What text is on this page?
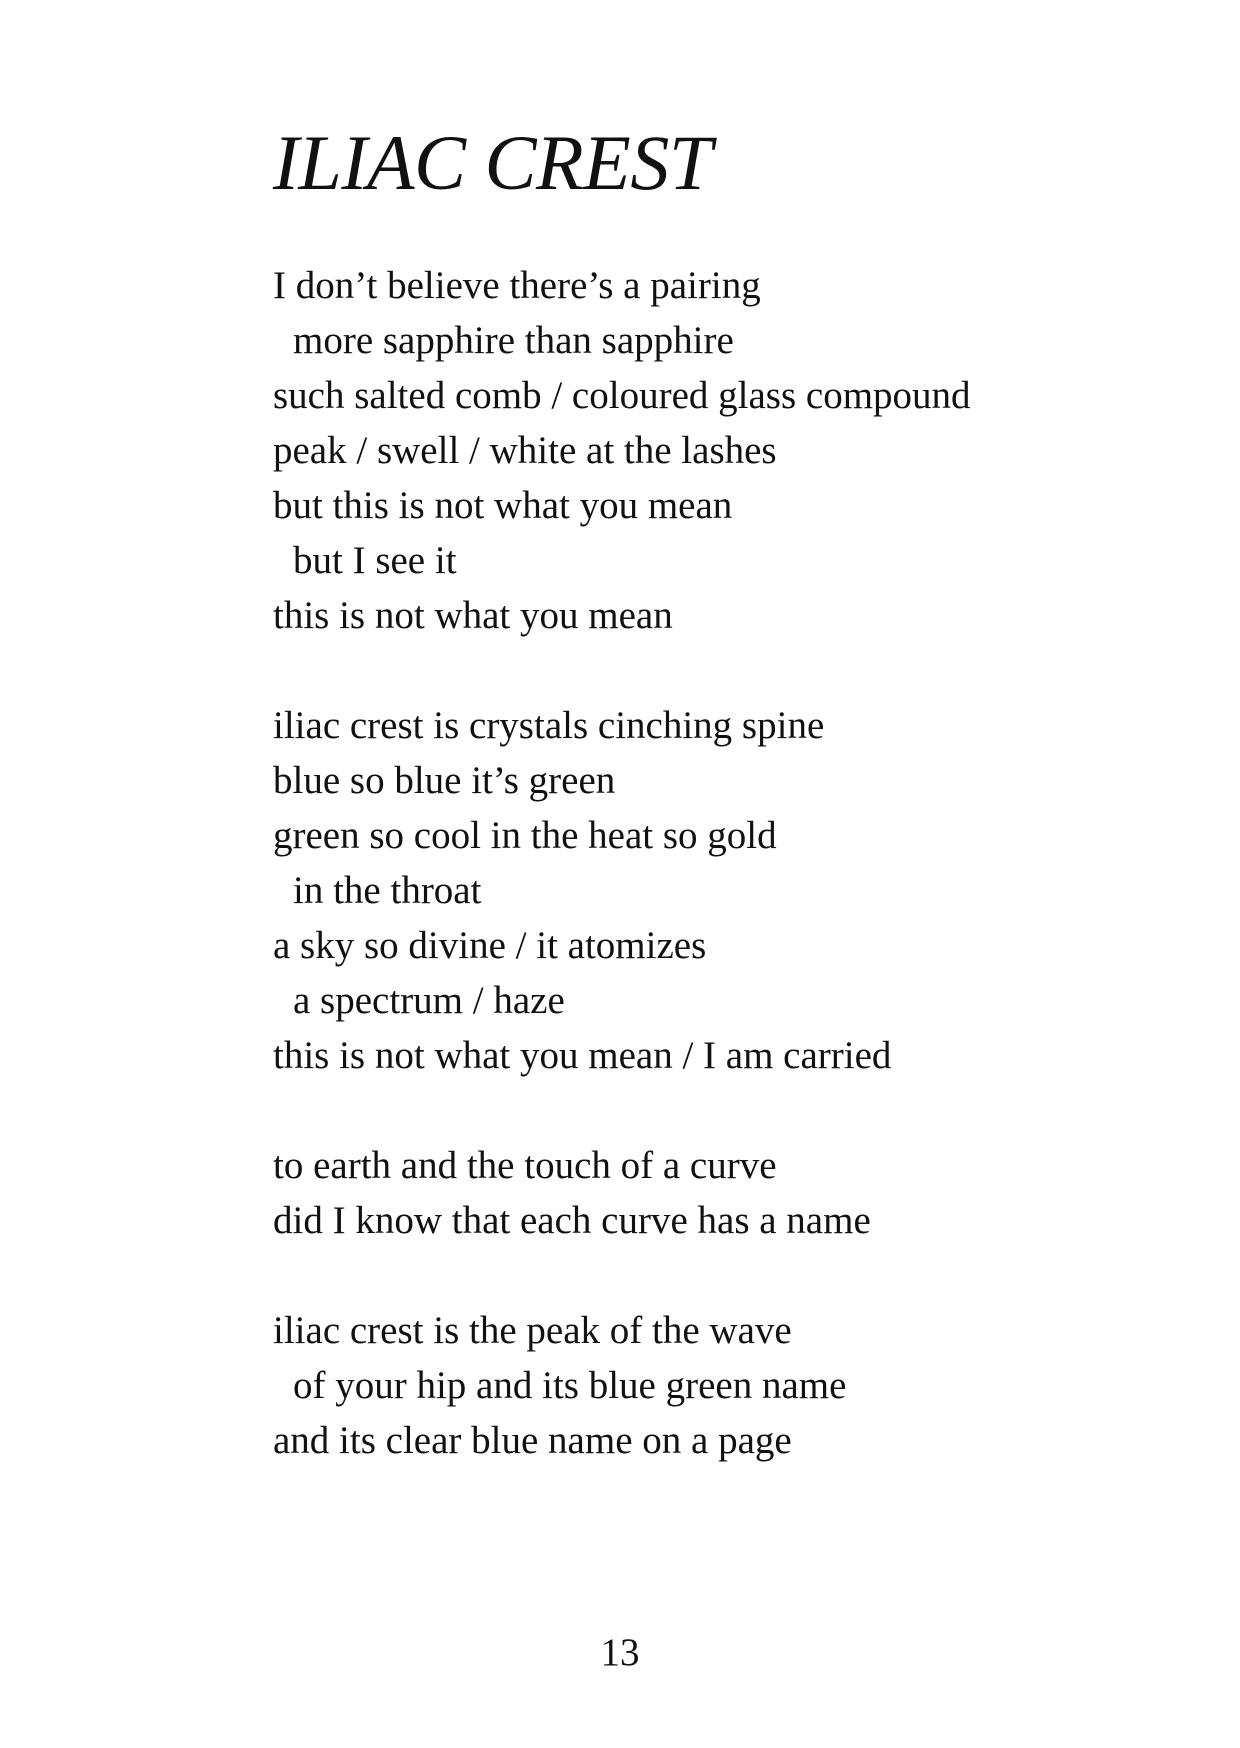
ILIAC CREST
I don’t believe there’s a pairing
more sapphire than sapphire
such salted comb / coloured glass compound
peak / swell / white at the lashes
but this is not what you mean
but I see it
this is not what you mean
iliac crest is crystals cinching spine
blue so blue it’s green
green so cool in the heat so gold
in the throat
a sky so divine / it atomizes
a spectrum / haze
this is not what you mean / I am carried
to earth and the touch of a curve
did I know that each curve has a name
iliac crest is the peak of the wave
of your hip and its blue green name
and its clear blue name on a page
13
